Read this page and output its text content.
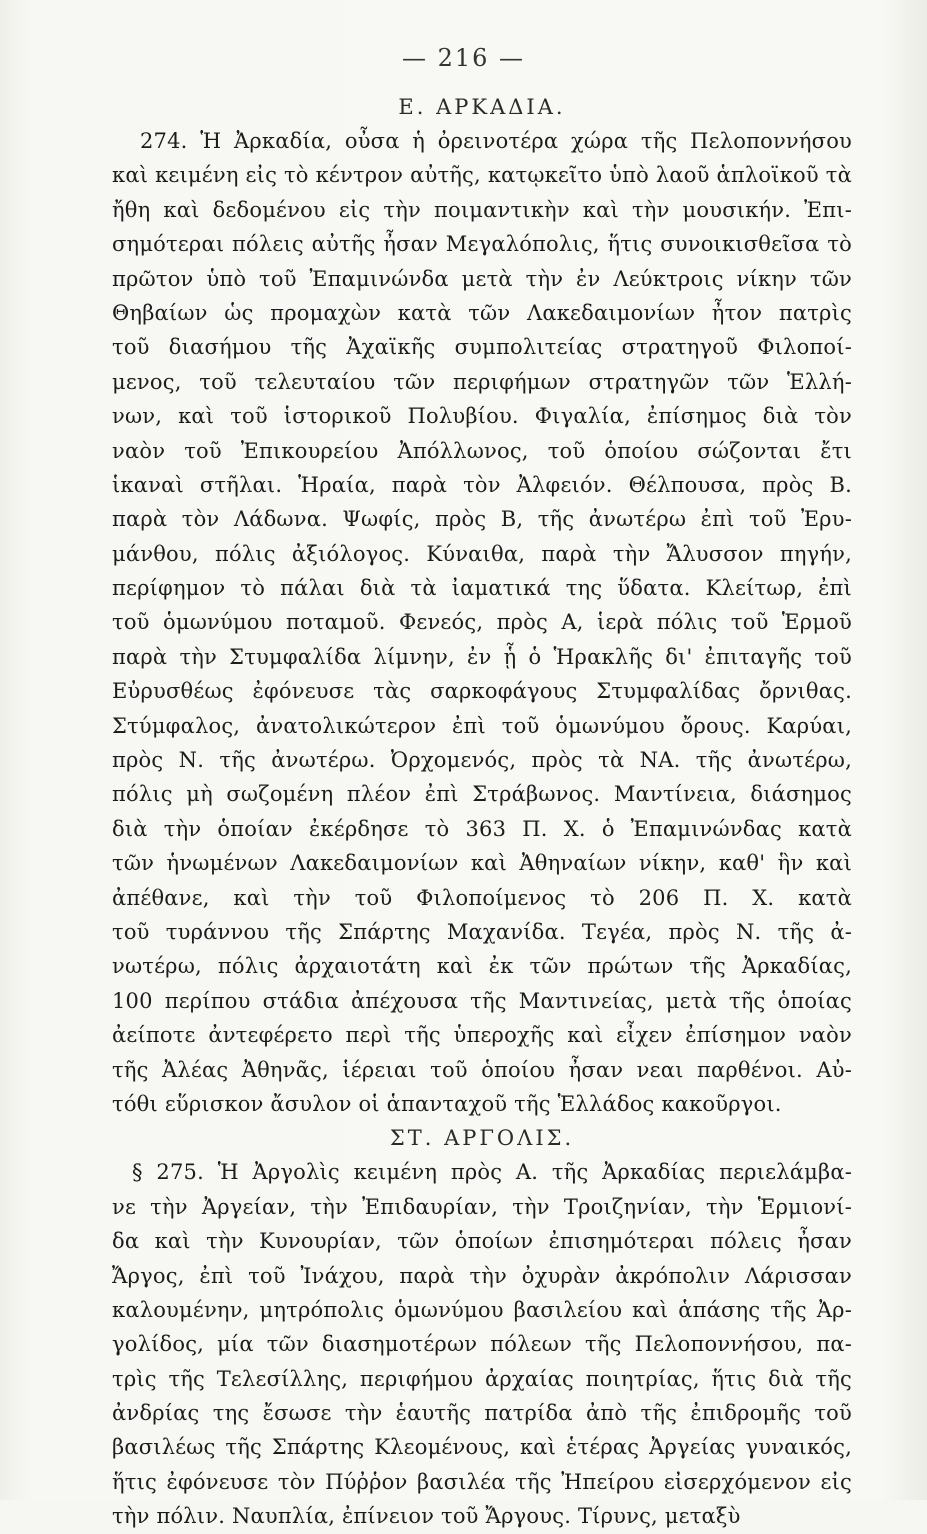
— 216 —
Ε. ΑΡΚΑΔΙΑ.
274. Ἡ Ἀρκαδία, οὖσα ἡ ὀρεινοτέρα χώρα τῆς Πελοποννήσου
καὶ κειμένη εἰς τὸ κέντρον αὐτῆς, κατῳκεῖτο ὑπὸ λαοῦ ἁπλοϊκοῦ τὰ
ἤθη καὶ δεδομένου εἰς τὴν ποιμαντικὴν καὶ τὴν μουσικήν. Ἐπι-
σημότεραι πόλεις αὐτῆς ἦσαν Μεγαλόπολις, ἥτις συνοικισθεῖσα τὸ
πρῶτον ὑπὸ τοῦ Ἐπαμινώνδα μετὰ τὴν ἐν Λεύκτροις νίκην τῶν
Θηβαίων ὡς προμαχὼν κατὰ τῶν Λακεδαιμονίων ἦτον πατρὶς
τοῦ διασήμου τῆς Ἀχαϊκῆς συμπολιτείας στρατηγοῦ Φιλοποί-
μενος, τοῦ τελευταίου τῶν περιφήμων στρατηγῶν τῶν Ἑλλή-
νων, καὶ τοῦ ἱστορικοῦ Πολυβίου. Φιγαλία, ἐπίσημος διὰ τὸν
ναὸν τοῦ Ἐπικουρείου Ἀπόλλωνος, τοῦ ὁποίου σώζονται ἔτι
ἱκαναὶ στῆλαι. Ἡραία, παρὰ τὸν Ἀλφειόν. Θέλπουσα, πρὸς Β.
παρὰ τὸν Λάδωνα. Ψωφίς, πρὸς Β, τῆς ἀνωτέρω ἐπὶ τοῦ Ἐρυ-
μάνθου, πόλις ἀξιόλογος. Κύναιθα, παρὰ τὴν Ἄλυσσον πηγήν,
περίφημον τὸ πάλαι διὰ τὰ ἰαματικά της ὕδατα. Κλείτωρ, ἐπὶ
τοῦ ὁμωνύμου ποταμοῦ. Φενεός, πρὸς Α, ἱερὰ πόλις τοῦ Ἑρμοῦ
παρὰ τὴν Στυμφαλίδα λίμνην, ἐν ᾗ ὁ Ἡρακλῆς δι' ἐπιταγῆς τοῦ
Εὐρυσθέως ἐφόνευσε τὰς σαρκοφάγους Στυμφαλίδας ὄρνιθας.
Στύμφαλος, ἀνατολικώτερον ἐπὶ τοῦ ὁμωνύμου ὄρους. Καρύαι,
πρὸς Ν. τῆς ἀνωτέρω. Ὀρχομενός, πρὸς τὰ ΝΑ. τῆς ἀνωτέρω,
πόλις μὴ σωζομένη πλέον ἐπὶ Στράβωνος. Μαντίνεια, διάσημος
διὰ τὴν ὁποίαν ἐκέρδησε τὸ 363 Π. Χ. ὁ Ἐπαμινώνδας κατὰ
τῶν ἡνωμένων Λακεδαιμονίων καὶ Ἀθηναίων νίκην, καθ' ἣν καὶ
ἀπέθανε, καὶ τὴν τοῦ Φιλοποίμενος τὸ 206 Π. Χ. κατὰ
τοῦ τυράννου τῆς Σπάρτης Μαχανίδα. Τεγέα, πρὸς Ν. τῆς ἀ-
νωτέρω, πόλις ἀρχαιοτάτη καὶ ἐκ τῶν πρώτων τῆς Ἀρκαδίας,
100 περίπου στάδια ἀπέχουσα τῆς Μαντινείας, μετὰ τῆς ὁποίας
ἀείποτε ἀντεφέρετο περὶ τῆς ὑπεροχῆς καὶ εἶχεν ἐπίσημον ναὸν
τῆς Ἀλέας Ἀθηνᾶς, ἱέρειαι τοῦ ὁποίου ἦσαν νεαι παρθένοι. Αὐ-
τόθι εὕρισκον ἄσυλον οἱ ἁπανταχοῦ τῆς Ἑλλάδος κακοῦργοι.
ΣΤ. ΑΡΓΟΛΙΣ.
§ 275. Ἡ Ἀργολὶς κειμένη πρὸς Α. τῆς Ἀρκαδίας περιελάμβα-
νε τὴν Ἀργείαν, τὴν Ἐπιδαυρίαν, τὴν Τροιζηνίαν, τὴν Ἑρμιονί-
δα καὶ τὴν Κυνουρίαν, τῶν ὁποίων ἐπισημότεραι πόλεις ἦσαν
Ἄργος, ἐπὶ τοῦ Ἰνάχου, παρὰ τὴν ὀχυρὰν ἀκρόπολιν Λάρισσαν
καλουμένην, μητρόπολις ὁμωνύμου βασιλείου καὶ ἁπάσης τῆς Ἀρ-
γολίδος, μία τῶν διασημοτέρων πόλεων τῆς Πελοποννήσου, πα-
τρὶς τῆς Τελεσίλλης, περιφήμου ἀρχαίας ποιητρίας, ἥτις διὰ τῆς
ἀνδρίας της ἔσωσε τὴν ἑαυτῆς πατρίδα ἀπὸ τῆς ἐπιδρομῆς τοῦ
βασιλέως τῆς Σπάρτης Κλεομένους, καὶ ἑτέρας Ἀργείας γυναικός,
ἥτις ἐφόνευσε τὸν Πύῤῥον βασιλέα τῆς Ἠπείρου εἰσερχόμενον εἰς
τὴν πόλιν. Ναυπλία, ἐπίνειον τοῦ Ἄργους. Τίρυνς, μεταξὺ
